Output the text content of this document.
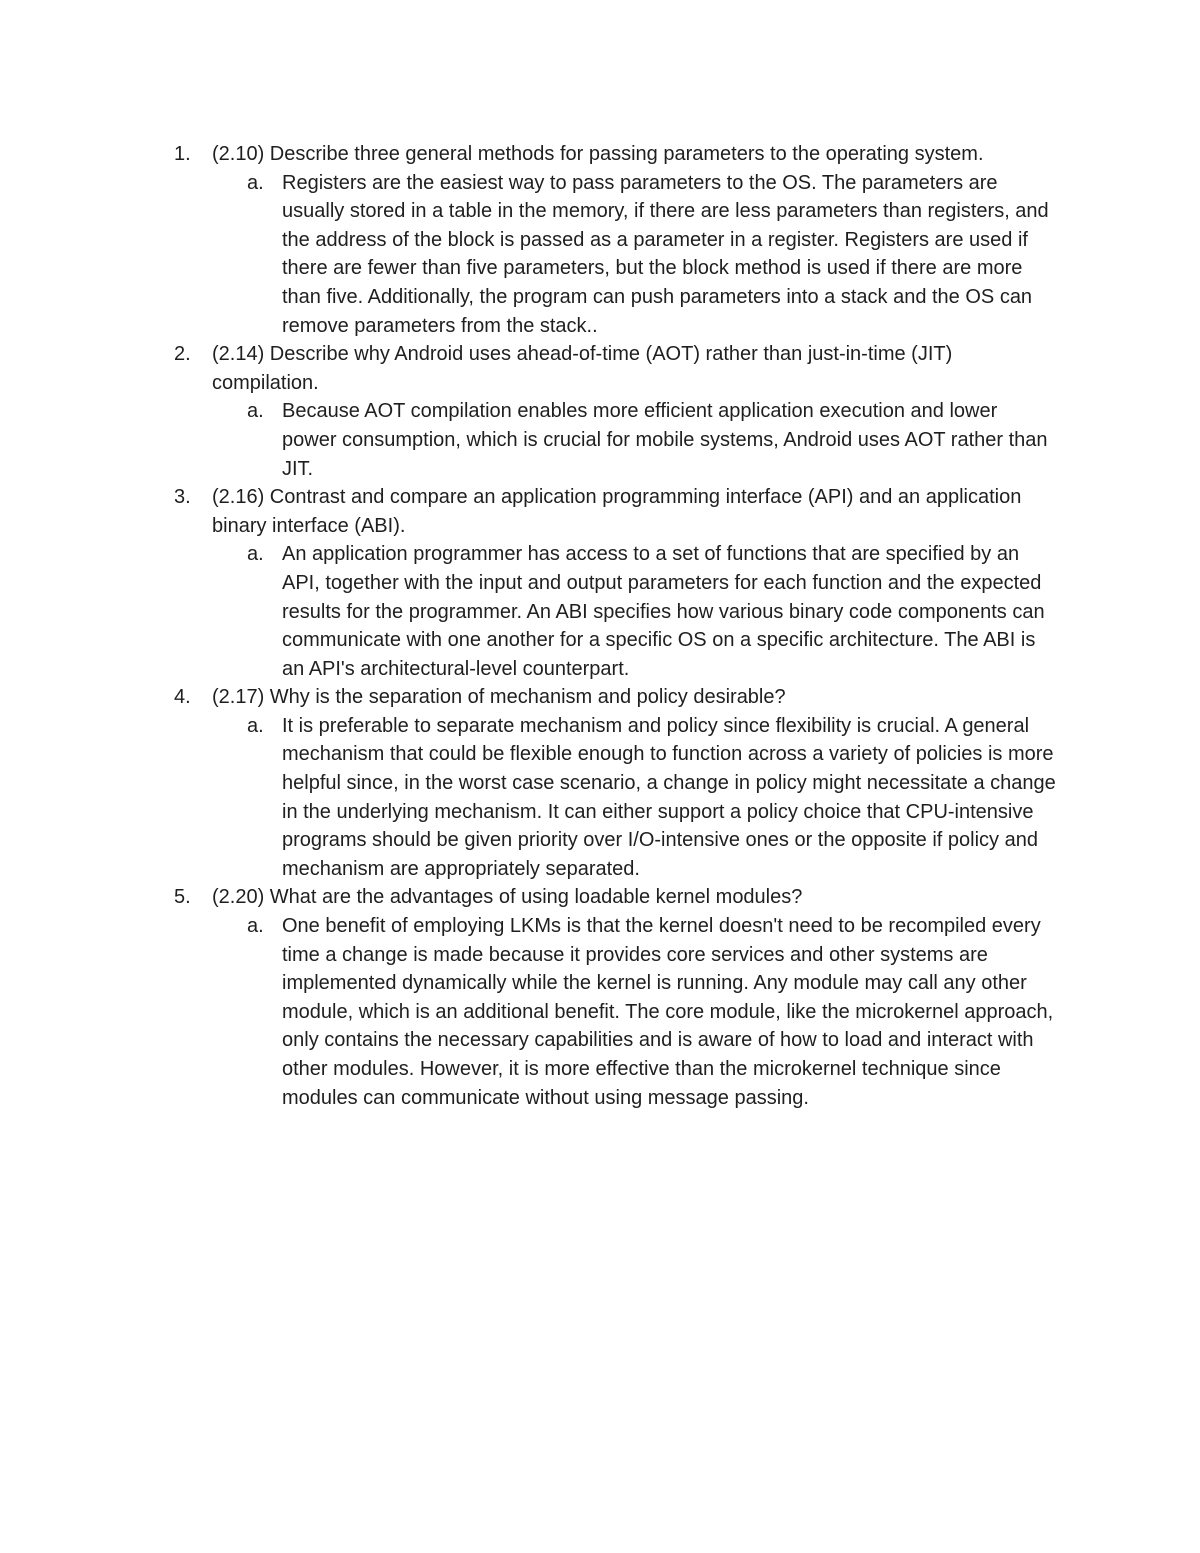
1.	(2.10) Describe three general methods for passing parameters to the operating system.
a. Registers are the easiest way to pass parameters to the OS. The parameters are usually stored in a table in the memory, if there are less parameters than registers, and the address of the block is passed as a parameter in a register. Registers are used if there are fewer than five parameters, but the block method is used if there are more than five. Additionally, the program can push parameters into a stack and the OS can remove parameters from the stack..
2.	(2.14) Describe why Android uses ahead-of-time (AOT) rather than just-in-time (JIT) compilation.
a. Because AOT compilation enables more efficient application execution and lower power consumption, which is crucial for mobile systems, Android uses AOT rather than JIT.
3.	(2.16) Contrast and compare an application programming interface (API) and an application binary interface (ABI).
a. An application programmer has access to a set of functions that are specified by an API, together with the input and output parameters for each function and the expected results for the programmer. An ABI specifies how various binary code components can communicate with one another for a specific OS on a specific architecture. The ABI is an API's architectural-level counterpart.
4.	(2.17) Why is the separation of mechanism and policy desirable?
a. It is preferable to separate mechanism and policy since flexibility is crucial. A general mechanism that could be flexible enough to function across a variety of policies is more helpful since, in the worst case scenario, a change in policy might necessitate a change in the underlying mechanism. It can either support a policy choice that CPU-intensive programs should be given priority over I/O-intensive ones or the opposite if policy and mechanism are appropriately separated.
5.	(2.20) What are the advantages of using loadable kernel modules?
a. One benefit of employing LKMs is that the kernel doesn't need to be recompiled every time a change is made because it provides core services and other systems are implemented dynamically while the kernel is running. Any module may call any other module, which is an additional benefit. The core module, like the microkernel approach, only contains the necessary capabilities and is aware of how to load and interact with other modules. However, it is more effective than the microkernel technique since modules can communicate without using message passing.
